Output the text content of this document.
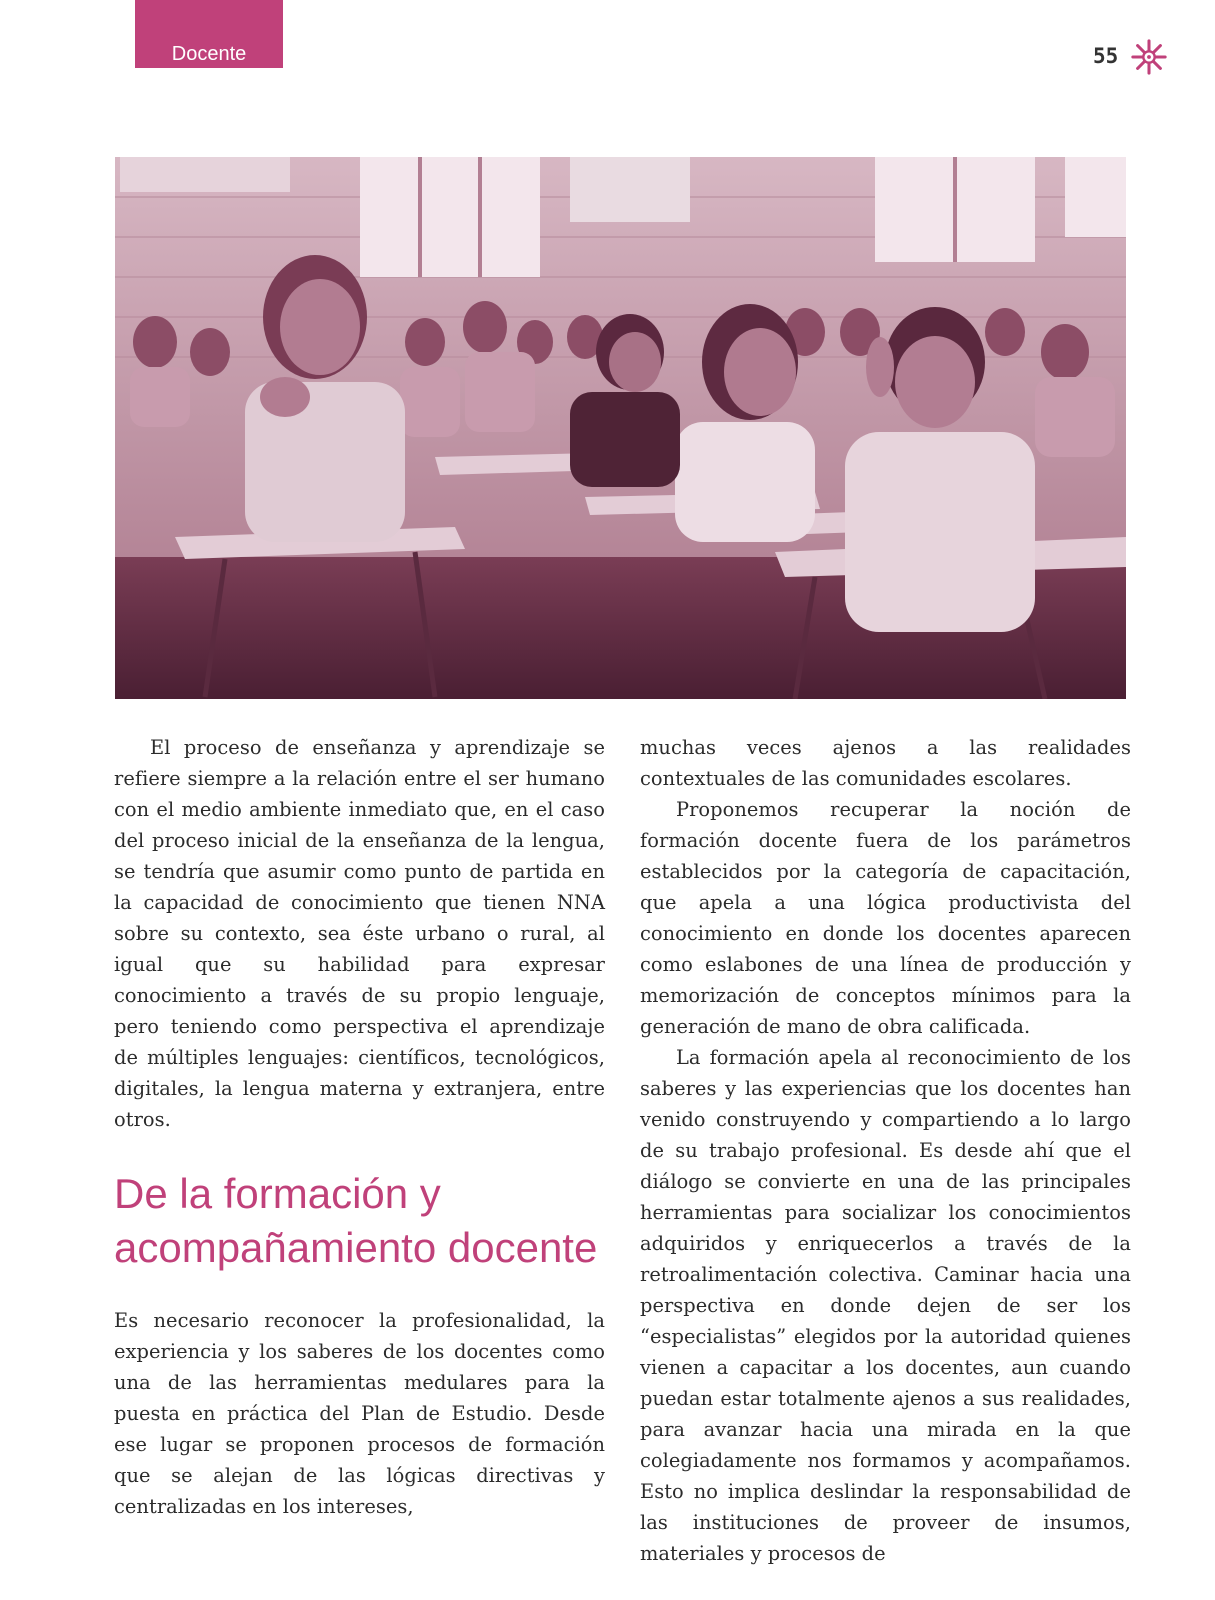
Docente	55

El proceso de enseñanza y aprendizaje se refiere siempre a la relación entre el ser humano con el medio ambiente inmediato que, en el caso del proceso inicial de la enseñanza de la lengua, se tendría que asumir como punto de partida en la capacidad de conocimiento que tienen NNA sobre su contexto, sea éste urbano o rural, al igual que su habilidad para expresar conocimiento a través de su propio lenguaje, pero teniendo como perspectiva el aprendizaje de múltiples lenguajes: científicos, tecnológicos, digitales, la lengua materna y extranjera, entre otros.

De la formación y acompañamiento docente

Es necesario reconocer la profesionalidad, la experiencia y los saberes de los docentes como una de las herramientas medulares para la puesta en práctica del Plan de Estudio. Desde ese lugar se proponen procesos de formación que se alejan de las lógicas directivas y centralizadas en los intereses,

muchas veces ajenos a las realidades contextuales de las comunidades escolares.

Proponemos recuperar la noción de formación docente fuera de los parámetros establecidos por la categoría de capacitación, que apela a una lógica productivista del conocimiento en donde los docentes aparecen como eslabones de una línea de producción y memorización de conceptos mínimos para la generación de mano de obra calificada.

La formación apela al reconocimiento de los saberes y las experiencias que los docentes han venido construyendo y compartiendo a lo largo de su trabajo profesional. Es desde ahí que el diálogo se convierte en una de las principales herramientas para socializar los conocimientos adquiridos y enriquecerlos a través de la retroalimentación colectiva. Caminar hacia una perspectiva en donde dejen de ser los “especialistas” elegidos por la autoridad quienes vienen a capacitar a los docentes, aun cuando puedan estar totalmente ajenos a sus realidades, para avanzar hacia una mirada en la que colegiadamente nos formamos y acompañamos. Esto no implica deslindar la responsabilidad de las instituciones de proveer de insumos, materiales y procesos de
